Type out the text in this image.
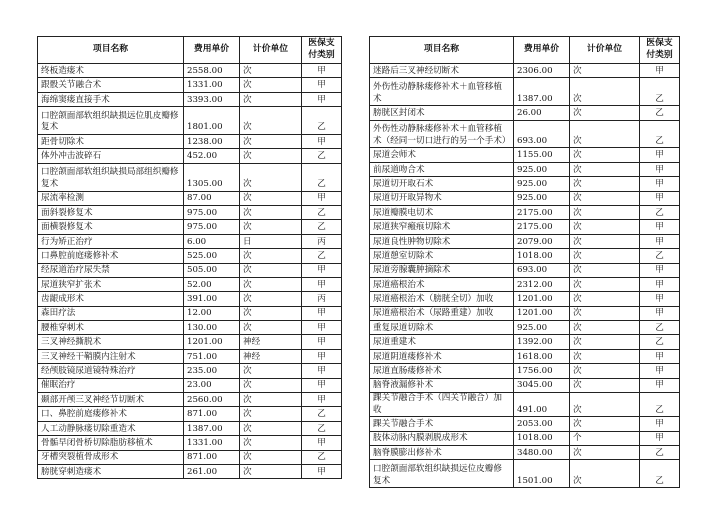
项目名称	费用单价	计价单位	医保支付类别
终板造瘘术	2558.00	次	甲
跟骰关节融合术	1331.00	次	甲
海绵窦瘘直接手术	3393.00	次	甲
口腔颌面部软组织缺损远位肌皮瓣修复术	1801.00	次	乙
距骨切除术	1238.00	次	甲
体外冲击波碎石	452.00	次	乙
口腔颌面部软组织缺损局部组织瓣修复术	1305.00	次	乙
尿流率检测	87.00	次	甲
面斜裂修复术	975.00	次	乙
面横裂修复术	975.00	次	乙
行为矫正治疗	6.00	日	丙
口鼻腔前庭瘘修补术	525.00	次	乙
经尿道治疗尿失禁	505.00	次	甲
尿道狭窄扩张术	52.00	次	甲
齿龈成形术	391.00	次	丙
森田疗法	12.00	次	甲
腰椎穿刺术	130.00	次	甲
三叉神经撕脱术	1201.00	神经	甲
三叉神经干鞘膜内注射术	751.00	神经	甲
经颅肢镜尿道镜特殊治疗	235.00	次	甲
催眠治疗	23.00	次	甲
颞部开颅三叉神经节切断术	2560.00	次	甲
口、鼻腔前庭瘘修补术	871.00	次	乙
人工动静脉瘘切除重造术	1387.00	次	乙
骨骺早闭骨桥切除脂肪移植术	1331.00	次	甲
牙槽突裂植骨成形术	871.00	次	乙
膀胱穿刺造瘘术	261.00	次	甲
项目名称	费用单价	计价单位	医保支付类别
迷路后三叉神经切断术	2306.00	次	甲
外伤性动静脉瘘修补术＋血管移植术	1387.00	次	乙
膀胱区封闭术	26.00	次	乙
外伤性动静脉瘘修补术＋血管移植术（经同一切口进行的另一个手术）	693.00	次	乙
尿道会师术	1155.00	次	甲
前尿道吻合术	925.00	次	甲
尿道切开取石术	925.00	次	甲
尿道切开取异物术	925.00	次	甲
尿道瓣膜电切术	2175.00	次	乙
尿道狭窄瘢痕切除术	2175.00	次	甲
尿道良性肿物切除术	2079.00	次	甲
尿道憩室切除术	1018.00	次	乙
尿道旁腺囊肿摘除术	693.00	次	甲
尿道癌根治术	2312.00	次	甲
尿道癌根治术（膀胱全切）加收	1201.00	次	甲
尿道癌根治术（尿路重建）加收	1201.00	次	甲
重复尿道切除术	925.00	次	乙
尿道重建术	1392.00	次	乙
尿道阴道瘘修补术	1618.00	次	甲
尿道直肠瘘修补术	1756.00	次	甲
脑脊液漏修补术	3045.00	次	甲
踝关节融合手术（四关节融合）加收	491.00	次	乙
踝关节融合手术	2053.00	次	甲
肢体动脉内膜剥脱成形术	1018.00	个	甲
脑脊膜膨出修补术	3480.00	次	乙
口腔颌面部软组织缺损远位皮瓣修复术	1501.00	次	乙
